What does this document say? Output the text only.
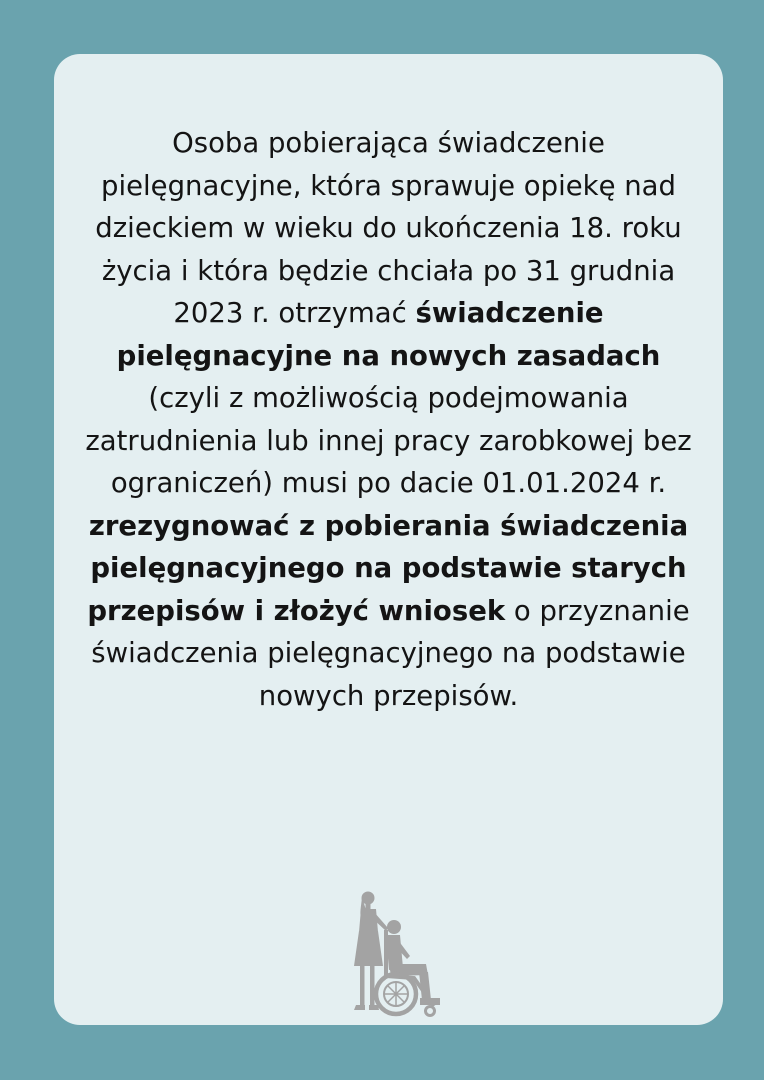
Osoba pobierająca świadczenie pielęgnacyjne, która sprawuje opiekę nad dzieckiem w wieku do ukończenia 18. roku życia i która będzie chciała po 31 grudnia 2023 r. otrzymać świadczenie pielęgnacyjne na nowych zasadach (czyli z możliwością podejmowania zatrudnienia lub innej pracy zarobkowej bez ograniczeń) musi po dacie 01.01.2024 r. zrezygnować z pobierania świadczenia pielęgnacyjnego na podstawie starych przepisów i złożyć wniosek o przyznanie świadczenia pielęgnacyjnego na podstawie nowych przepisów.
